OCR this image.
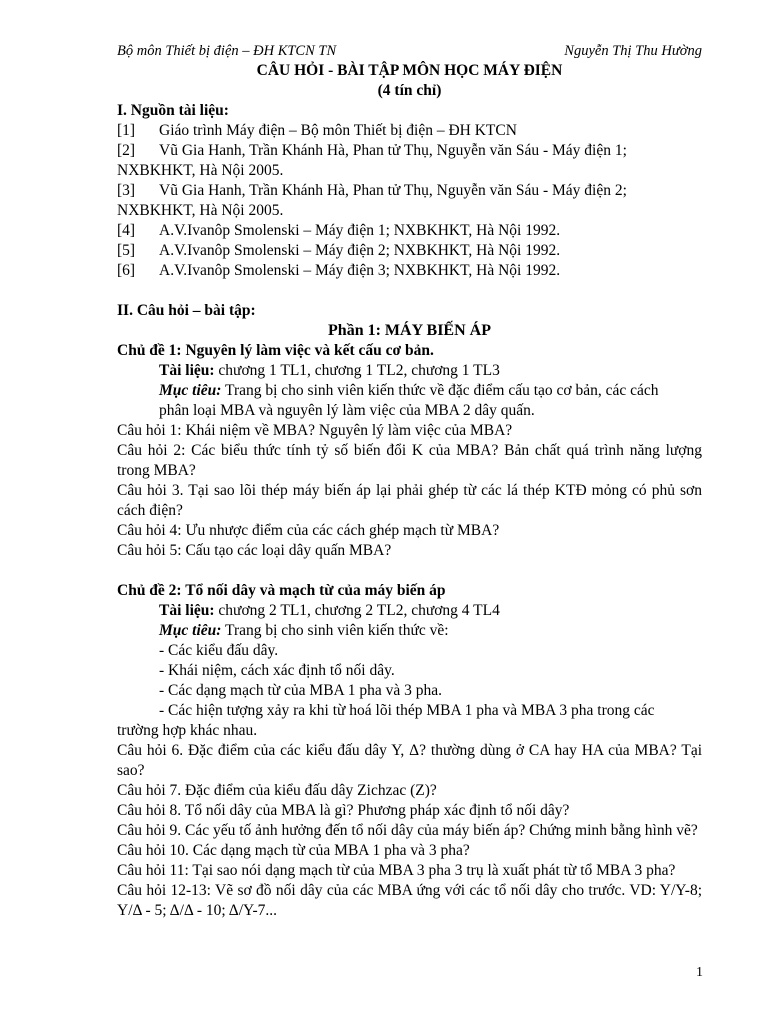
Bộ môn Thiết bị điện – ĐH KTCN TN	Nguyễn Thị Thu Hường
CÂU HỎI - BÀI TẬP MÔN HỌC MÁY ĐIỆN
(4 tín chỉ)
I. Nguồn tài liệu:
[1] Giáo trình Máy điện – Bộ môn Thiết bị điện – ĐH KTCN
[2] Vũ Gia Hanh, Trần Khánh Hà, Phan tử Thụ, Nguyễn văn Sáu - Máy điện 1;
NXBKHKT, Hà Nội 2005.
[3] Vũ Gia Hanh, Trần Khánh Hà, Phan tử Thụ, Nguyễn văn Sáu - Máy điện 2;
NXBKHKT, Hà Nội 2005.
[4] A.V.Ivanôp Smolenski – Máy điện 1; NXBKHKT, Hà Nội 1992.
[5] A.V.Ivanôp Smolenski – Máy điện 2; NXBKHKT, Hà Nội 1992.
[6] A.V.Ivanôp Smolenski – Máy điện 3; NXBKHKT, Hà Nội 1992.
II. Câu hỏi – bài tập:
Phần 1: MÁY BIẾN ÁP
Chủ đề 1: Nguyên lý làm việc và kết cấu cơ bản.
Tài liệu: chương 1 TL1, chương 1 TL2, chương 1 TL3
Mục tiêu: Trang bị cho sinh viên kiến thức về đặc điểm cấu tạo cơ bản, các cách
phân loại MBA và nguyên lý làm việc của MBA 2 dây quấn.
Câu hỏi 1: Khái niệm về MBA? Nguyên lý làm việc của MBA?
Câu hỏi 2: Các biểu thức tính tỷ số biến đổi K của MBA? Bản chất quá trình năng lượng trong MBA?
Câu hỏi 3. Tại sao lõi thép máy biến áp lại phải ghép từ các lá thép KTĐ mỏng có phủ sơn cách điện?
Câu hỏi 4: Ưu nhược điểm của các cách ghép mạch từ MBA?
Câu hỏi 5: Cấu tạo các loại dây quấn MBA?
Chủ đề 2: Tổ nối dây và mạch từ của máy biến áp
Tài liệu: chương 2 TL1, chương 2 TL2, chương 4 TL4
Mục tiêu: Trang bị cho sinh viên kiến thức về:
- Các kiểu đấu dây.
- Khái niệm, cách xác định tổ nối dây.
- Các dạng mạch từ của MBA 1 pha và 3 pha.
- Các hiện tượng xảy ra khi từ hoá lõi thép MBA 1 pha và MBA 3 pha trong các
trường hợp khác nhau.
Câu hỏi 6. Đặc điểm của các kiểu đấu dây Y, Δ? thường dùng ở CA hay HA của MBA? Tại sao?
Câu hỏi 7. Đặc điểm của kiểu đấu dây Zichzac (Z)?
Câu hỏi 8. Tổ nối dây của MBA là gì? Phương pháp xác định tổ nối dây?
Câu hỏi 9. Các yếu tố ảnh hưởng đến tổ nối dây của máy biến áp? Chứng minh bằng hình vẽ?
Câu hỏi 10. Các dạng mạch từ của MBA 1 pha và 3 pha?
Câu hỏi 11: Tại sao nói dạng mạch từ của MBA 3 pha 3 trụ là xuất phát từ tổ MBA 3 pha?
Câu hỏi 12-13: Vẽ sơ đồ nối dây của các MBA ứng với các tổ nối dây cho trước. VD: Y/Y-8; Y/Δ - 5; Δ/Δ - 10; Δ/Y-7...
1
